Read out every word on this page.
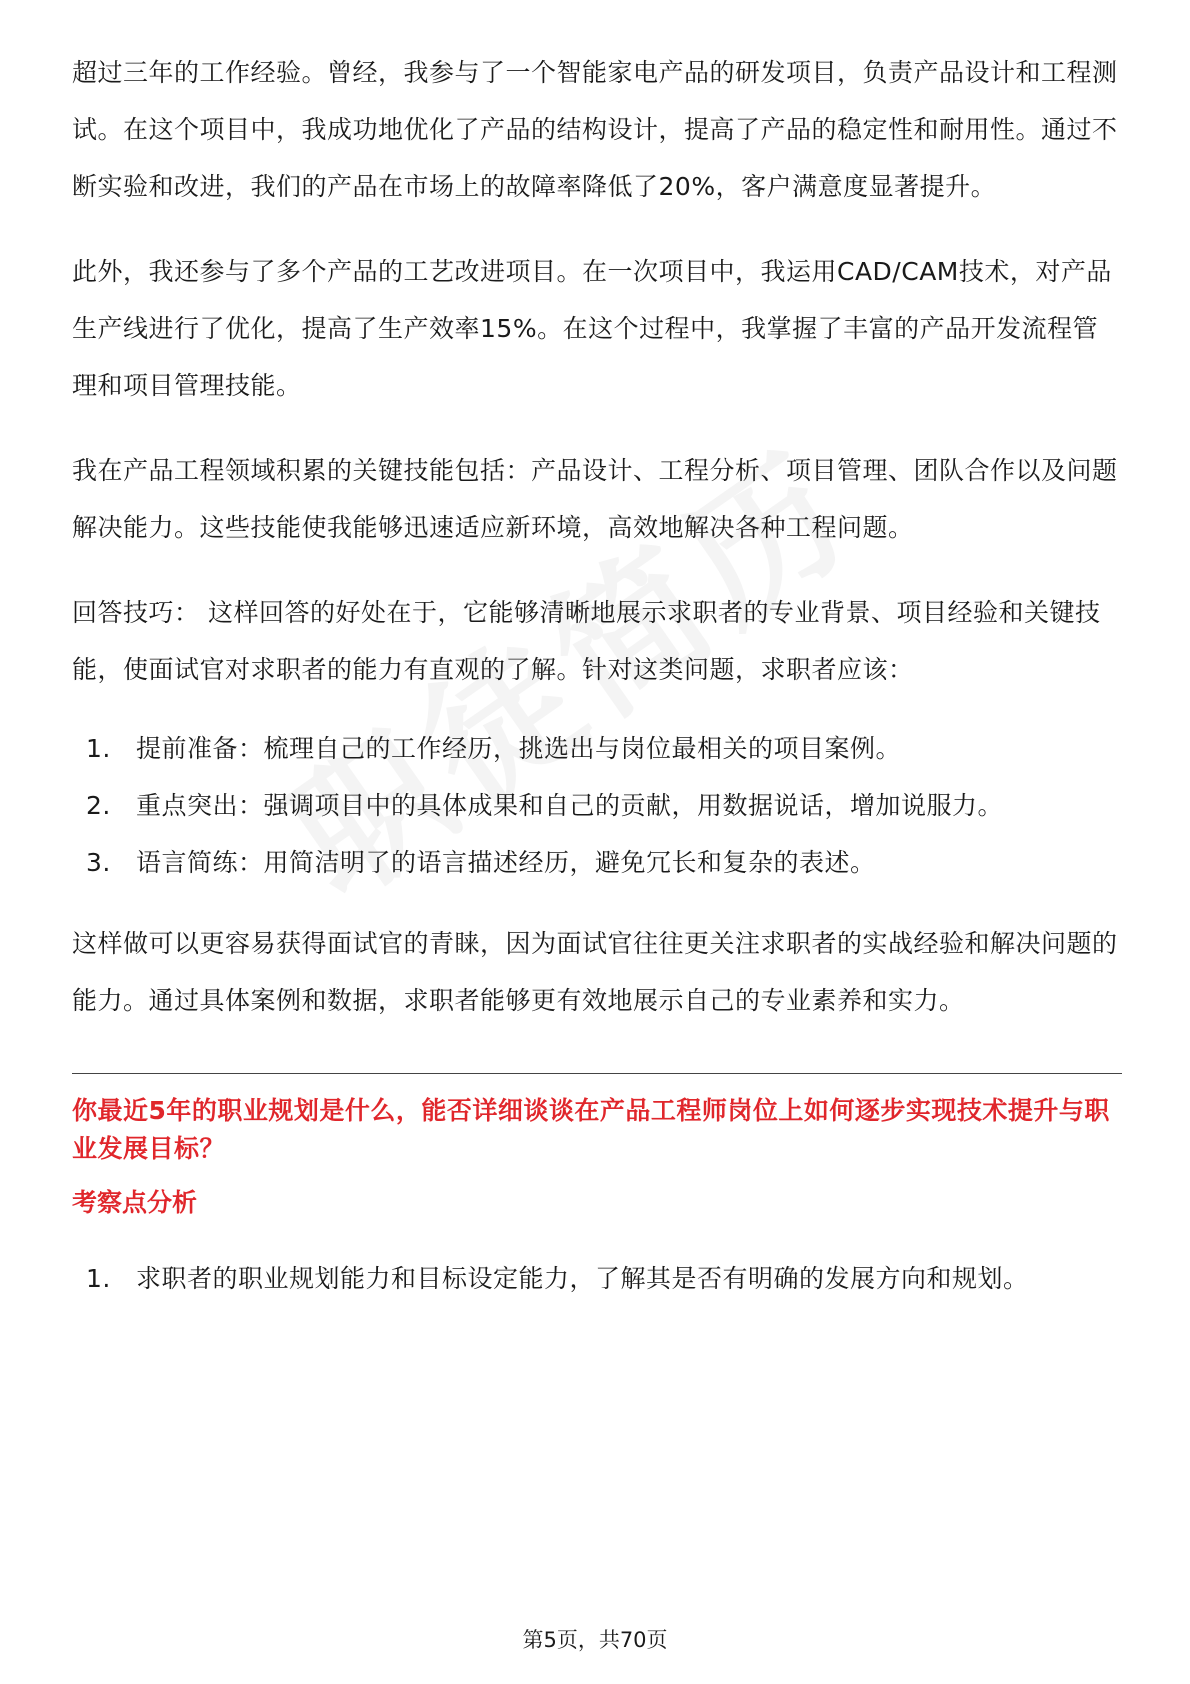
超过三年的工作经验。曾经，我参与了一个智能家电产品的研发项目，负责产品设计和工程测试。在这个项目中，我成功地优化了产品的结构设计，提高了产品的稳定性和耐用性。通过不断实验和改进，我们的产品在市场上的故障率降低了20%，客户满意度显著提升。

此外，我还参与了多个产品的工艺改进项目。在一次项目中，我运用CAD/CAM技术，对产品生产线进行了优化，提高了生产效率15%。在这个过程中，我掌握了丰富的产品开发流程管理和项目管理技能。

我在产品工程领域积累的关键技能包括：产品设计、工程分析、项目管理、团队合作以及问题解决能力。这些技能使我能够迅速适应新环境，高效地解决各种工程问题。

回答技巧： 这样回答的好处在于，它能够清晰地展示求职者的专业背景、项目经验和关键技能，使面试官对求职者的能力有直观的了解。针对这类问题，求职者应该：

1.	提前准备：梳理自己的工作经历，挑选出与岗位最相关的项目案例。
2.	重点突出：强调项目中的具体成果和自己的贡献，用数据说话，增加说服力。
3.	语言简练：用简洁明了的语言描述经历，避免冗长和复杂的表述。

这样做可以更容易获得面试官的青睐，因为面试官往往更关注求职者的实战经验和解决问题的能力。通过具体案例和数据，求职者能够更有效地展示自己的专业素养和实力。

你最近5年的职业规划是什么，能否详细谈谈在产品工程师岗位上如何逐步实现技术提升与职业发展目标？
考察点分析
1.	求职者的职业规划能力和目标设定能力，了解其是否有明确的发展方向和规划。
第5页，共70页
